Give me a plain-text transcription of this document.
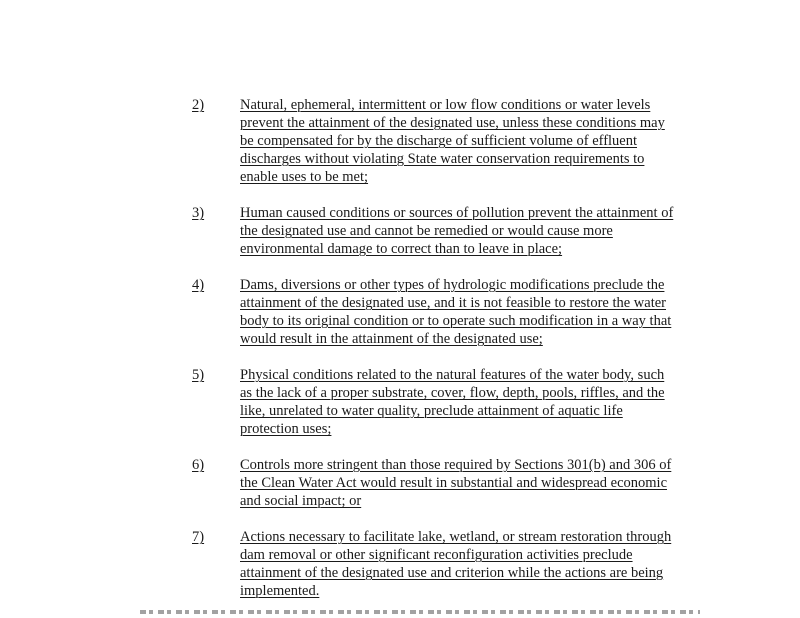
2)	Natural, ephemeral, intermittent or low flow conditions or water levels
prevent the attainment of the designated use, unless these conditions may
be compensated for by the discharge of sufficient volume of effluent
discharges without violating State water conservation requirements to
enable uses to be met;
3)	Human caused conditions or sources of pollution prevent the attainment of
the designated use and cannot be remedied or would cause more
environmental damage to correct than to leave in place;
4)	Dams, diversions or other types of hydrologic modifications preclude the
attainment of the designated use, and it is not feasible to restore the water
body to its original condition or to operate such modification in a way that
would result in the attainment of the designated use;
5)	Physical conditions related to the natural features of the water body, such
as the lack of a proper substrate, cover, flow, depth, pools, riffles, and the
like, unrelated to water quality, preclude attainment of aquatic life
protection uses;
6)	Controls more stringent than those required by Sections 301(b) and 306 of
the Clean Water Act would result in substantial and widespread economic
and social impact; or
7)	Actions necessary to facilitate lake, wetland, or stream restoration through
dam removal or other significant reconfiguration activities preclude
attainment of the designated use and criterion while the actions are being
implemented.
